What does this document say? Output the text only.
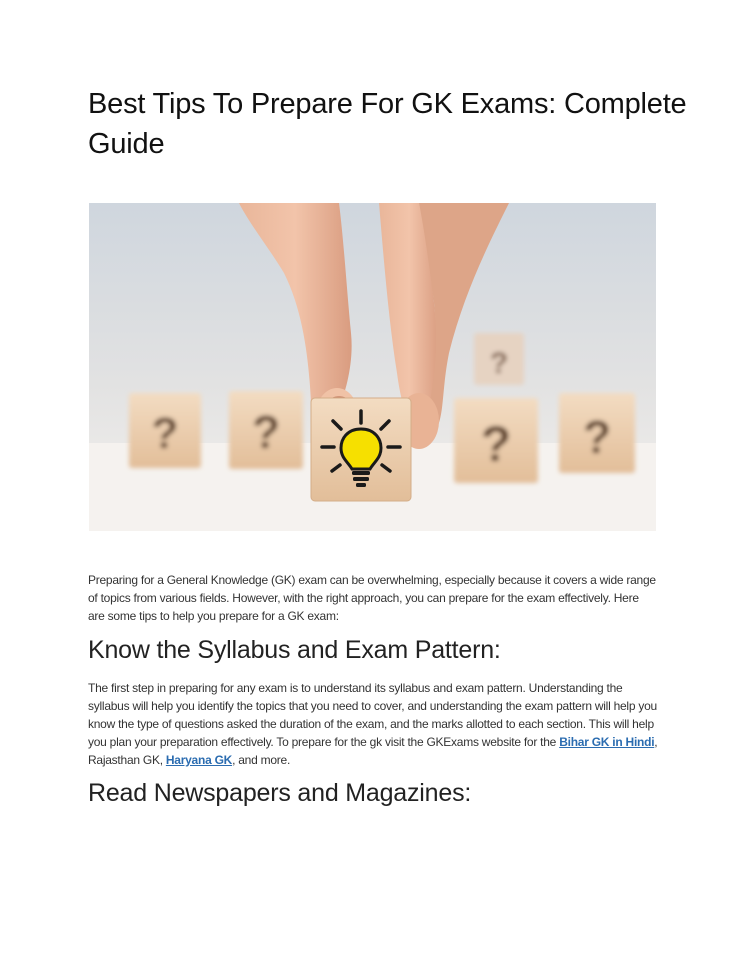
Best Tips To Prepare For GK Exams: Complete Guide
? ?	? ?
?

Preparing for a General Knowledge (GK) exam can be overwhelming, especially because it covers a wide range of topics from various fields. However, with the right approach, you can prepare for the exam effectively. Here are some tips to help you prepare for a GK exam:

Know the Syllabus and Exam Pattern:

The first step in preparing for any exam is to understand its syllabus and exam pattern. Understanding the syllabus will help you identify the topics that you need to cover, and understanding the exam pattern will help you know the type of questions asked the duration of the exam, and the marks allotted to each section. This will help you plan your preparation effectively. To prepare for the gk visit the GKExams website for the Bihar GK in Hindi, Rajasthan GK, Haryana GK, and more.

Read Newspapers and Magazines:
